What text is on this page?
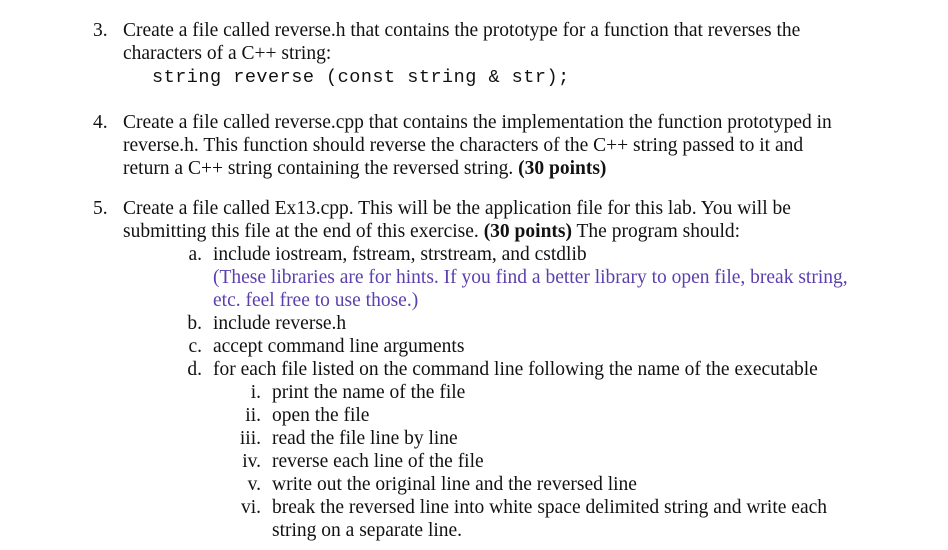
3. Create a file called reverse.h that contains the prototype for a function that reverses the
characters of a C++ string:
string reverse (const string & str);
4. Create a file called reverse.cpp that contains the implementation the function prototyped in
reverse.h. This function should reverse the characters of the C++ string passed to it and
return a C++ string containing the reversed string. (30 points)
5. Create a file called Ex13.cpp. This will be the application file for this lab. You will be
submitting this file at the end of this exercise. (30 points) The program should:
a. include iostream, fstream, strstream, and cstdlib
(These libraries are for hints. If you find a better library to open file, break string,
etc. feel free to use those.)
b. include reverse.h
c. accept command line arguments
d. for each file listed on the command line following the name of the executable
i. print the name of the file
ii. open the file
iii. read the file line by line
iv. reverse each line of the file
v. write out the original line and the reversed line
vi. break the reversed line into white space delimited string and write each
string on a separate line.
